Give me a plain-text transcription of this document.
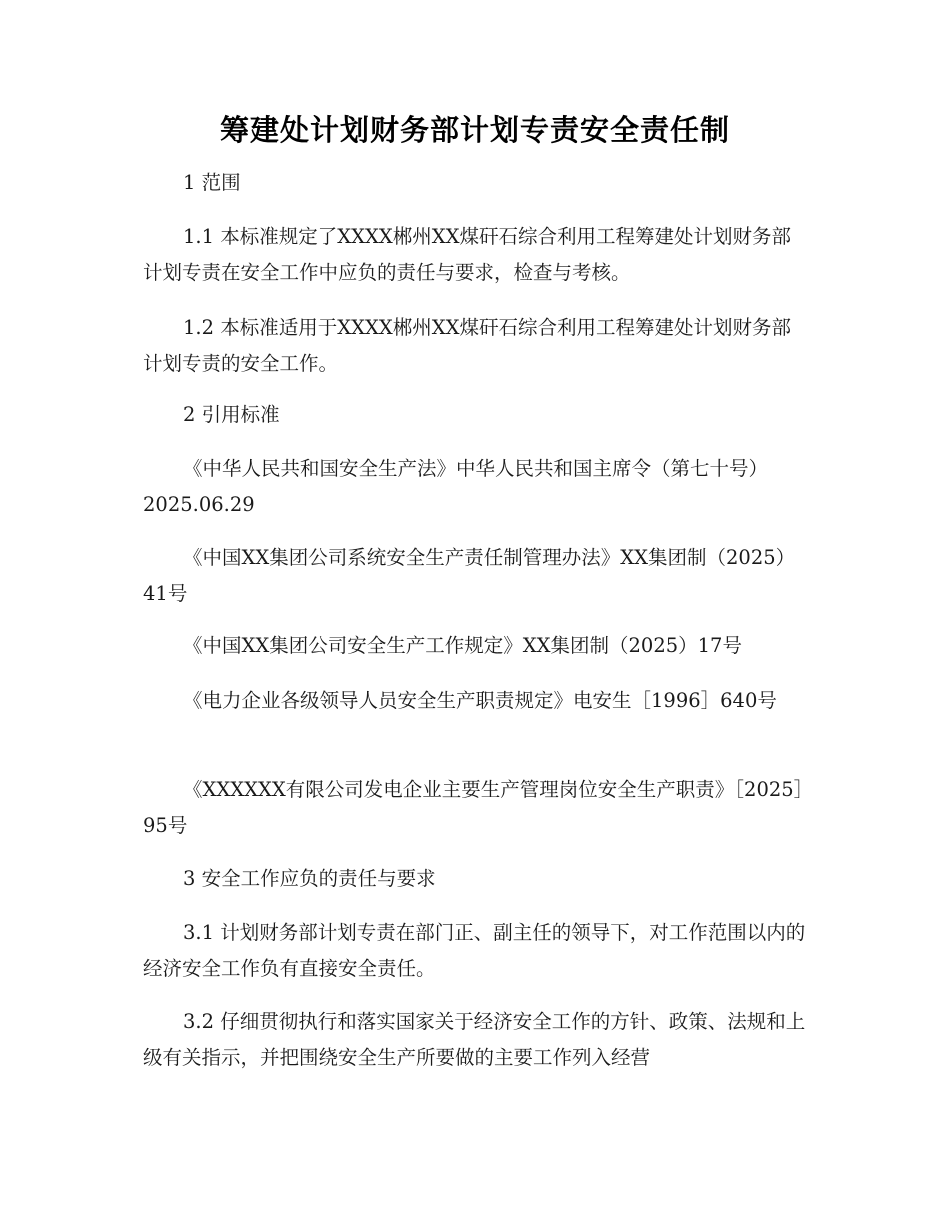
筹建处计划财务部计划专责安全责任制

1 范围

1.1 本标准规定了XXXX郴州XX煤矸石综合利用工程筹建处计划财务部计划专责在安全工作中应负的责任与要求，检查与考核。

1.2 本标准适用于XXXX郴州XX煤矸石综合利用工程筹建处计划财务部计划专责的安全工作。

2 引用标准

《中华人民共和国安全生产法》中华人民共和国主席令（第七十号）2025.06.29

《中国XX集团公司系统安全生产责任制管理办法》XX集团制（2025）41号

《中国XX集团公司安全生产工作规定》XX集团制（2025）17号

《电力企业各级领导人员安全生产职责规定》电安生［1996］640号

《XXXXXX有限公司发电企业主要生产管理岗位安全生产职责》［2025］95号

3 安全工作应负的责任与要求

3.1 计划财务部计划专责在部门正、副主任的领导下，对工作范围以内的经济安全工作负有直接安全责任。

3.2 仔细贯彻执行和落实国家关于经济安全工作的方针、政策、法规和上级有关指示，并把围绕安全生产所要做的主要工作列入经营
